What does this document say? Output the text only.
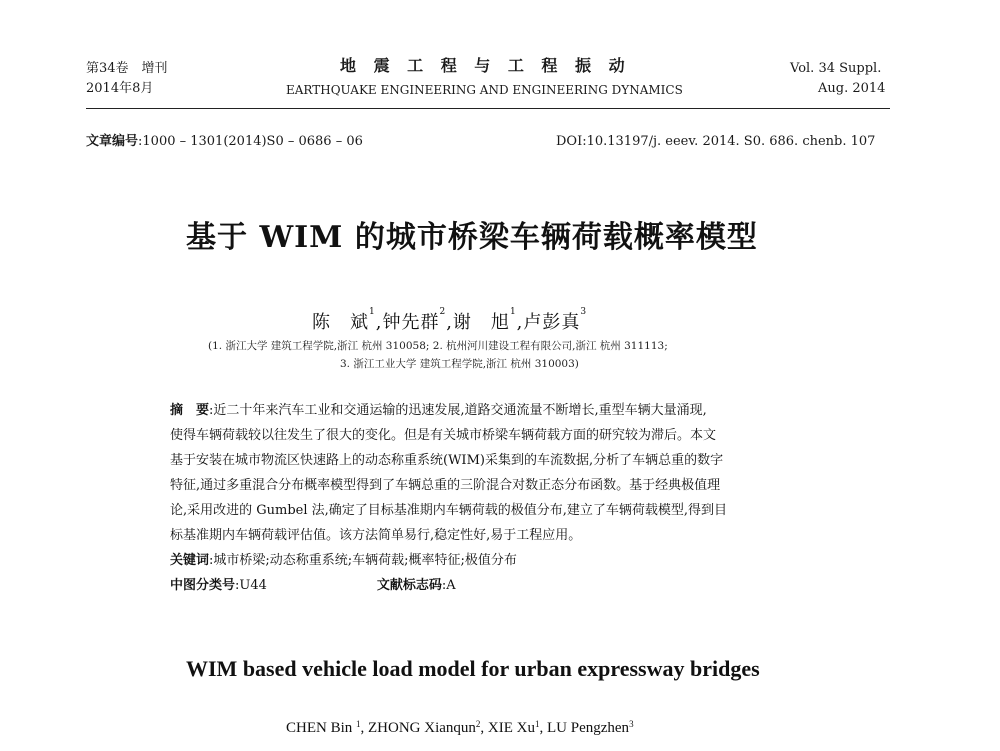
第34卷　增刊
2014年8月
地 震 工 程 与 工 程 振 动
EARTHQUAKE ENGINEERING AND ENGINEERING DYNAMICS
Vol. 34 Suppl.
Aug. 2014
文章编号:1000 – 1301(2014)S0 – 0686 – 06	DOI:10.13197/j. eeev. 2014. S0. 686. chenb. 107
基于 WIM 的城市桥梁车辆荷载概率模型
陈　斌$^1$,钟先群$^2$,谢　旭$^1$,卢彭真$^3$
(1. 浙江大学 建筑工程学院,浙江 杭州 310058; 2. 杭州河川建设工程有限公司,浙江 杭州 311113;
3. 浙江工业大学 建筑工程学院,浙江 杭州 310003)
摘　要:近二十年来汽车工业和交通运输的迅速发展,道路交通流量不断增长,重型车辆大量涌现,
使得车辆荷载较以往发生了很大的变化。但是有关城市桥梁车辆荷载方面的研究较为滞后。本文
基于安装在城市物流区快速路上的动态称重系统(WIM)采集到的车流数据,分析了车辆总重的数字
特征,通过多重混合分布概率模型得到了车辆总重的三阶混合对数正态分布函数。基于经典极值理
论,采用改进的 Gumbel 法,确定了目标基准期内车辆荷载的极值分布,建立了车辆荷载模型,得到目
标基准期内车辆荷载评估值。该方法简单易行,稳定性好,易于工程应用。
关键词:城市桥梁;动态称重系统;车辆荷载;概率特征;极值分布
中图分类号:U44	文献标志码:A
WIM based vehicle load model for urban expressway bridges
CHEN Bin $^1$, ZHONG Xianqun$^2$, XIE Xu$^1$, LU Pengzhen$^3$
